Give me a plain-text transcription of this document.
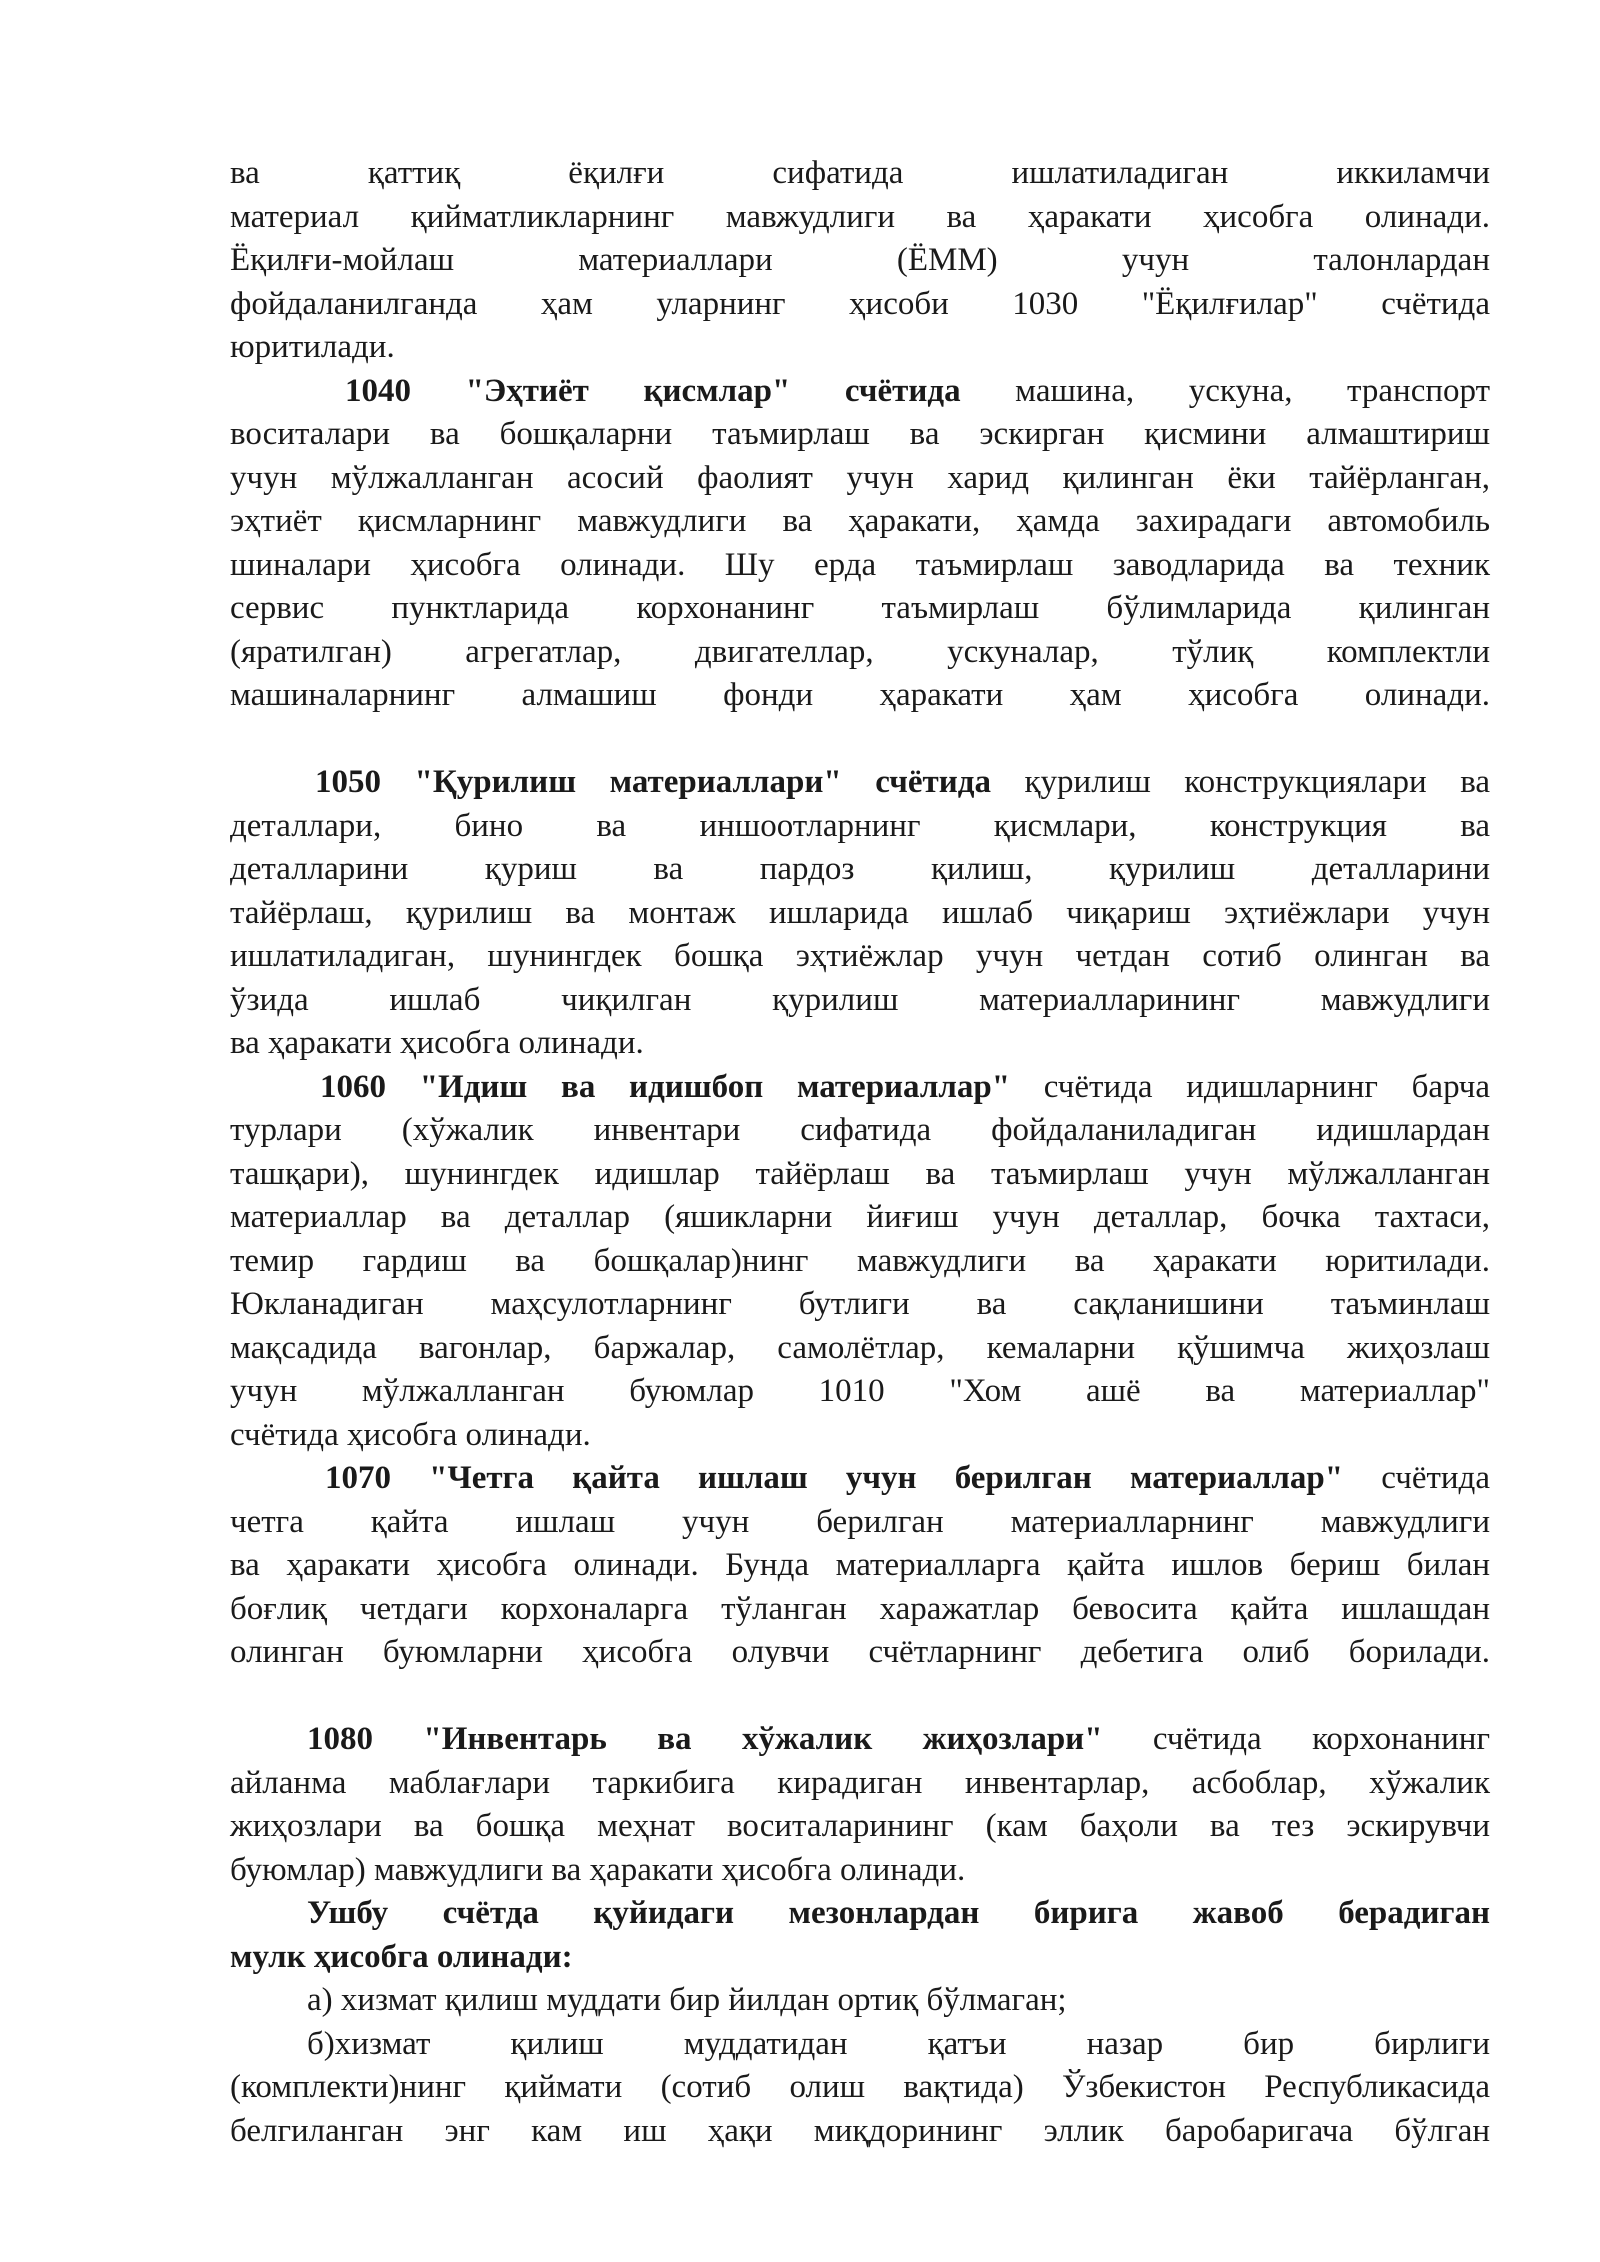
ва қаттиқ ёқилғи сифатида ишлатиладиган иккиламчи
материал қийматликларнинг мавжудлиги ва ҳаракати ҳисобга олинади.
Ёқилғи-мойлаш материаллари (ЁММ) учун талонлардан
фойдаланилганда ҳам уларнинг ҳисоби 1030 "Ёқилғилар" счётида
юритилади.
1040 "Эҳтиёт қисмлар" счётида машина, ускуна, транспорт
воситалари ва бошқаларни таъмирлаш ва эскирган қисмини алмаштириш
учун мўлжалланган асосий фаолият учун харид қилинган ёки тайёрланган,
эҳтиёт қисмларнинг мавжудлиги ва ҳаракати, ҳамда захирадаги автомобиль
шиналари ҳисобга олинади. Шу ерда таъмирлаш заводларида ва техник
сервис пунктларида корхонанинг таъмирлаш бўлимларида қилинган
(яратилган) агрегатлар, двигателлар, ускуналар, тўлиқ комплектли
машиналарнинг алмашиш фонди ҳаракати ҳам ҳисобга олинади.
1050 "Қурилиш материаллари" счётида қурилиш конструкциялари ва
деталлари, бино ва иншоотларнинг қисмлари, конструкция ва
деталларини қуриш ва пардоз қилиш, қурилиш деталларини
тайёрлаш, қурилиш ва монтаж ишларида ишлаб чиқариш эҳтиёжлари учун
ишлатиладиган, шунингдек бошқа эҳтиёжлар учун четдан сотиб олинган ва
ўзида ишлаб чиқилган қурилиш материалларининг мавжудлиги
ва ҳаракати ҳисобга олинади.
1060 "Идиш ва идишбоп материаллар" счётида идишларнинг барча
турлари (хўжалик инвентари сифатида фойдаланиладиган идишлардан
ташқари), шунингдек идишлар тайёрлаш ва таъмирлаш учун мўлжалланган
материаллар ва деталлар (яшикларни йиғиш учун деталлар, бочка тахтаси,
темир гардиш ва бошқалар)нинг мавжудлиги ва ҳаракати юритилади.
Юкланадиган маҳсулотларнинг бутлиги ва сақланишини таъминлаш
мақсадида вагонлар, баржалар, самолётлар, кемаларни қўшимча жиҳозлаш
учун мўлжалланган буюмлар 1010 "Хом ашё ва материаллар"
счётида ҳисобга олинади.
1070 "Четга қайта ишлаш учун берилган материаллар" счётида
четга қайта ишлаш учун берилган материалларнинг мавжудлиги
ва ҳаракати ҳисобга олинади. Бунда материалларга қайта ишлов бериш билан
боғлиқ четдаги корхоналарга тўланган харажатлар бевосита қайта ишлашдан
олинган буюмларни ҳисобга олувчи счётларнинг дебетига олиб борилади.
1080 "Инвентарь ва хўжалик жиҳозлари" счётида корхонанинг
айланма маблағлари таркибига кирадиган инвентарлар, асбоблар, хўжалик
жиҳозлари ва бошқа меҳнат воситаларининг (кам баҳоли ва тез эскирувчи
буюмлар) мавжудлиги ва ҳаракати ҳисобга олинади.
Ушбу счётда қуйидаги мезонлардан бирига жавоб берадиган
мулк ҳисобга олинади:
а) хизмат қилиш муддати бир йилдан ортиқ бўлмаган;
б)хизмат қилиш муддатидан қатъи назар бир бирлиги
(комплекти)нинг қиймати (сотиб олиш вақтида) Ўзбекистон Республикасида
белгиланган энг кам иш ҳақи миқдорининг эллик баробаригача бўлган
